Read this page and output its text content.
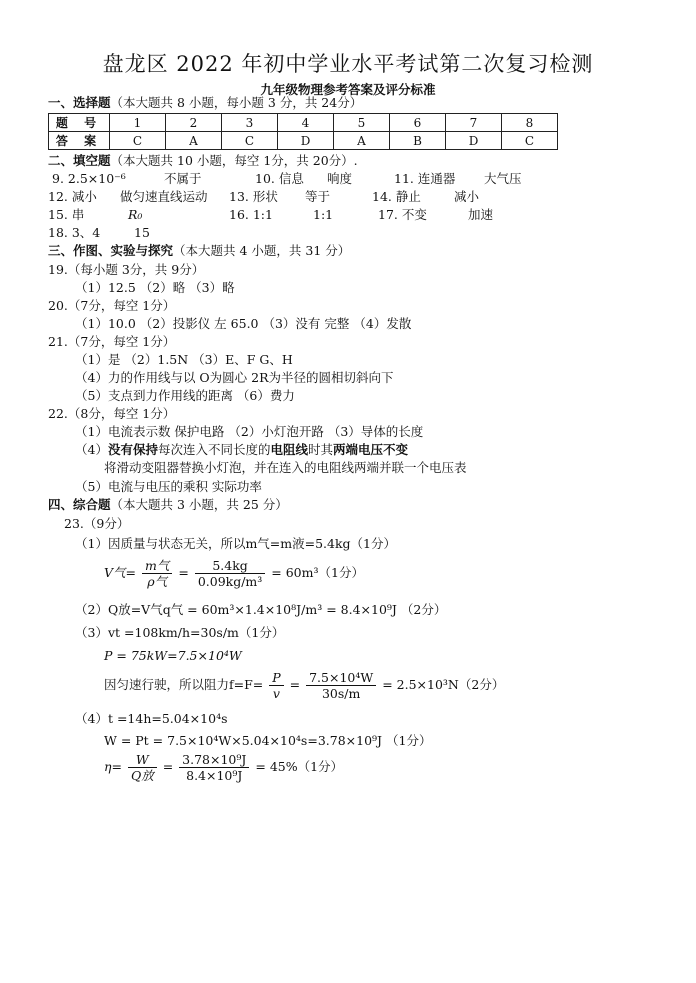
盘龙区 2022 年初中学业水平考试第二次复习检测
九年级物理参考答案及评分标准
一、选择题（本大题共 8 小题，每小题 3 分，共 24分）
题 号	1	2	3	4	5	6	7	8
答 案	C	A	C	D	A	B	D	C
二、填空题（本大题共 10 小题，每空 1分，共 20分）.
9. 2.5×10⁻⁶	不属于	10. 信息 响度	11. 连通器 大气压
12. 减小 做匀速直线运动 13. 形状 等于	14. 静止	减小
15. 串	R₀	16. 1:1	1:1	17. 不变	加速
18. 3、4	15
三、作图、实验与探究（本大题共 4 小题，共 31 分）
19.（每小题 3分，共 9分）
（1）12.5 （2）略 （3）略
20.（7分，每空 1分）
（1）10.0 （2）投影仪 左 65.0 （3）没有 完整 （4）发散
21.（7分，每空 1分）
（1）是 （2）1.5N （3）E、F G、H
（4）力的作用线与以 O为圆心 2R为半径的圆相切斜向下
（5）支点到力作用线的距离 （6）费力
22.（8分，每空 1分）
（1）电流表示数 保护电路 （2）小灯泡开路 （3）导体的长度
（4）没有保持每次连入不同长度的电阻线时其两端电压不变
将滑动变阻器替换小灯泡，并在连入的电阻线两端并联一个电压表
（5）电流与电压的乘积 实际功率
四、综合题（本大题共 3 小题，共 25 分）
23.（9分）
（1）因质量与状态无关，所以m气=m液=5.4kg（1分）
V气= $\frac{\text{m气}}{\text{ρ气}} = \frac{5.4kg}{\text{0.09kg/m³}} = 60m^3(1$分）
（2）Q放=V气q气 = 60m³×1.4×10⁸J/m³ = 8.4×10⁹J （2分）
（3）vt =108km/h=30s/m（1分）
P = 75kW=7.5×10⁴W
因匀速行驶，所以阻力$f=F= \frac{P}{v} = \frac{\text{7.5×10⁴W}}{30s/m} = 2.5\times 10^3N(2$分）
（4）t =14h=5.04×10⁴s
W = Pt = 7.5×10⁴W×5.04×10⁴s=3.78×10⁹J （1分）
$\eta= \frac{W}{\text{Q放}} = \frac{\text{3.78×10⁹J}}{\text{8.4×10⁹J}} = 45\%(1$分）
